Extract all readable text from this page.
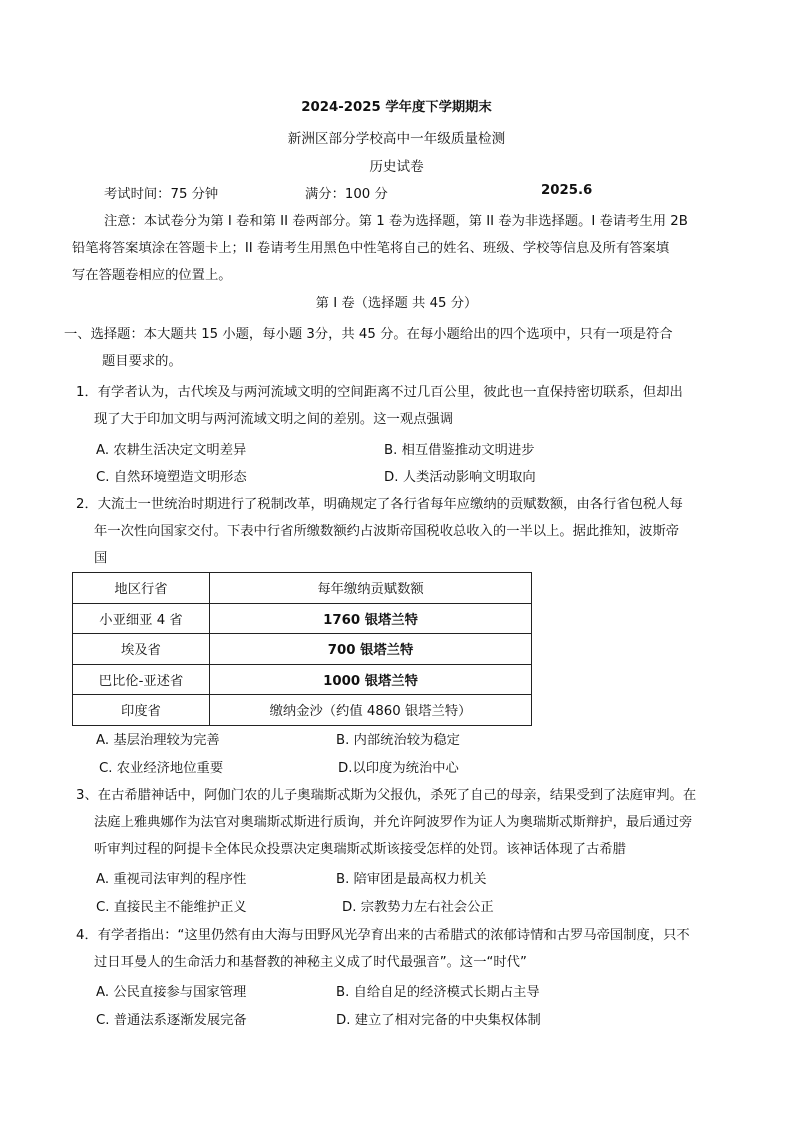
2024-2025 学年度下学期期末
新洲区部分学校高中一年级质量检测
历史试卷
考试时间：75 分钟	满分：100 分	2025.6
注意：本试卷分为第 I 卷和第 II 卷两部分。第 1 卷为选择题，第 II 卷为非选择题。I 卷请考生用 2B
铅笔将答案填涂在答题卡上；II 卷请考生用黑色中性笔将自己的姓名、班级、学校等信息及所有答案填
写在答题卷相应的位置上。
第 I 卷（选择题 共 45 分）
一、选择题：本大题共 15 小题，每小题 3分，共 45 分。在每小题给出的四个选项中，只有一项是符合
题目要求的。
1．有学者认为，古代埃及与两河流域文明的空间距离不过几百公里，彼此也一直保持密切联系，但却出
现了大于印加文明与两河流域文明之间的差别。这一观点强调
A. 农耕生活决定文明差异	B. 相互借鉴推动文明进步
C. 自然环境塑造文明形态	D. 人类活动影响文明取向
2．大流士一世统治时期进行了税制改革，明确规定了各行省每年应缴纳的贡赋数额，由各行省包税人每
年一次性向国家交付。下表中行省所缴数额约占波斯帝国税收总收入的一半以上。据此推知，波斯帝
国
地区行省	每年缴纳贡赋数额
小亚细亚 4 省	1760 银塔兰特
埃及省	700 银塔兰特
巴比伦-亚述省	1000 银塔兰特
印度省	缴纳金沙（约值 4860 银塔兰特）
A. 基层治理较为完善	B. 内部统治较为稳定
C. 农业经济地位重要	D.以印度为统治中心
3、在古希腊神话中，阿伽门农的儿子奥瑞斯忒斯为父报仇，杀死了自己的母亲，结果受到了法庭审判。在
法庭上雅典娜作为法官对奥瑞斯忒斯进行质询，并允许阿波罗作为证人为奥瑞斯忒斯辩护，最后通过旁
听审判过程的阿提卡全体民众投票决定奥瑞斯忒斯该接受怎样的处罚。该神话体现了古希腊
A. 重视司法审判的程序性	B. 陪审团是最高权力机关
C. 直接民主不能维护正义	D. 宗教势力左右社会公正
4．有学者指出：“这里仍然有由大海与田野风光孕育出来的古希腊式的浓郁诗情和古罗马帝国制度，只不
过日耳曼人的生命活力和基督教的神秘主义成了时代最强音”。这一“时代”
A. 公民直接参与国家管理	B. 自给自足的经济模式长期占主导
C. 普通法系逐渐发展完备	D. 建立了相对完备的中央集权体制
